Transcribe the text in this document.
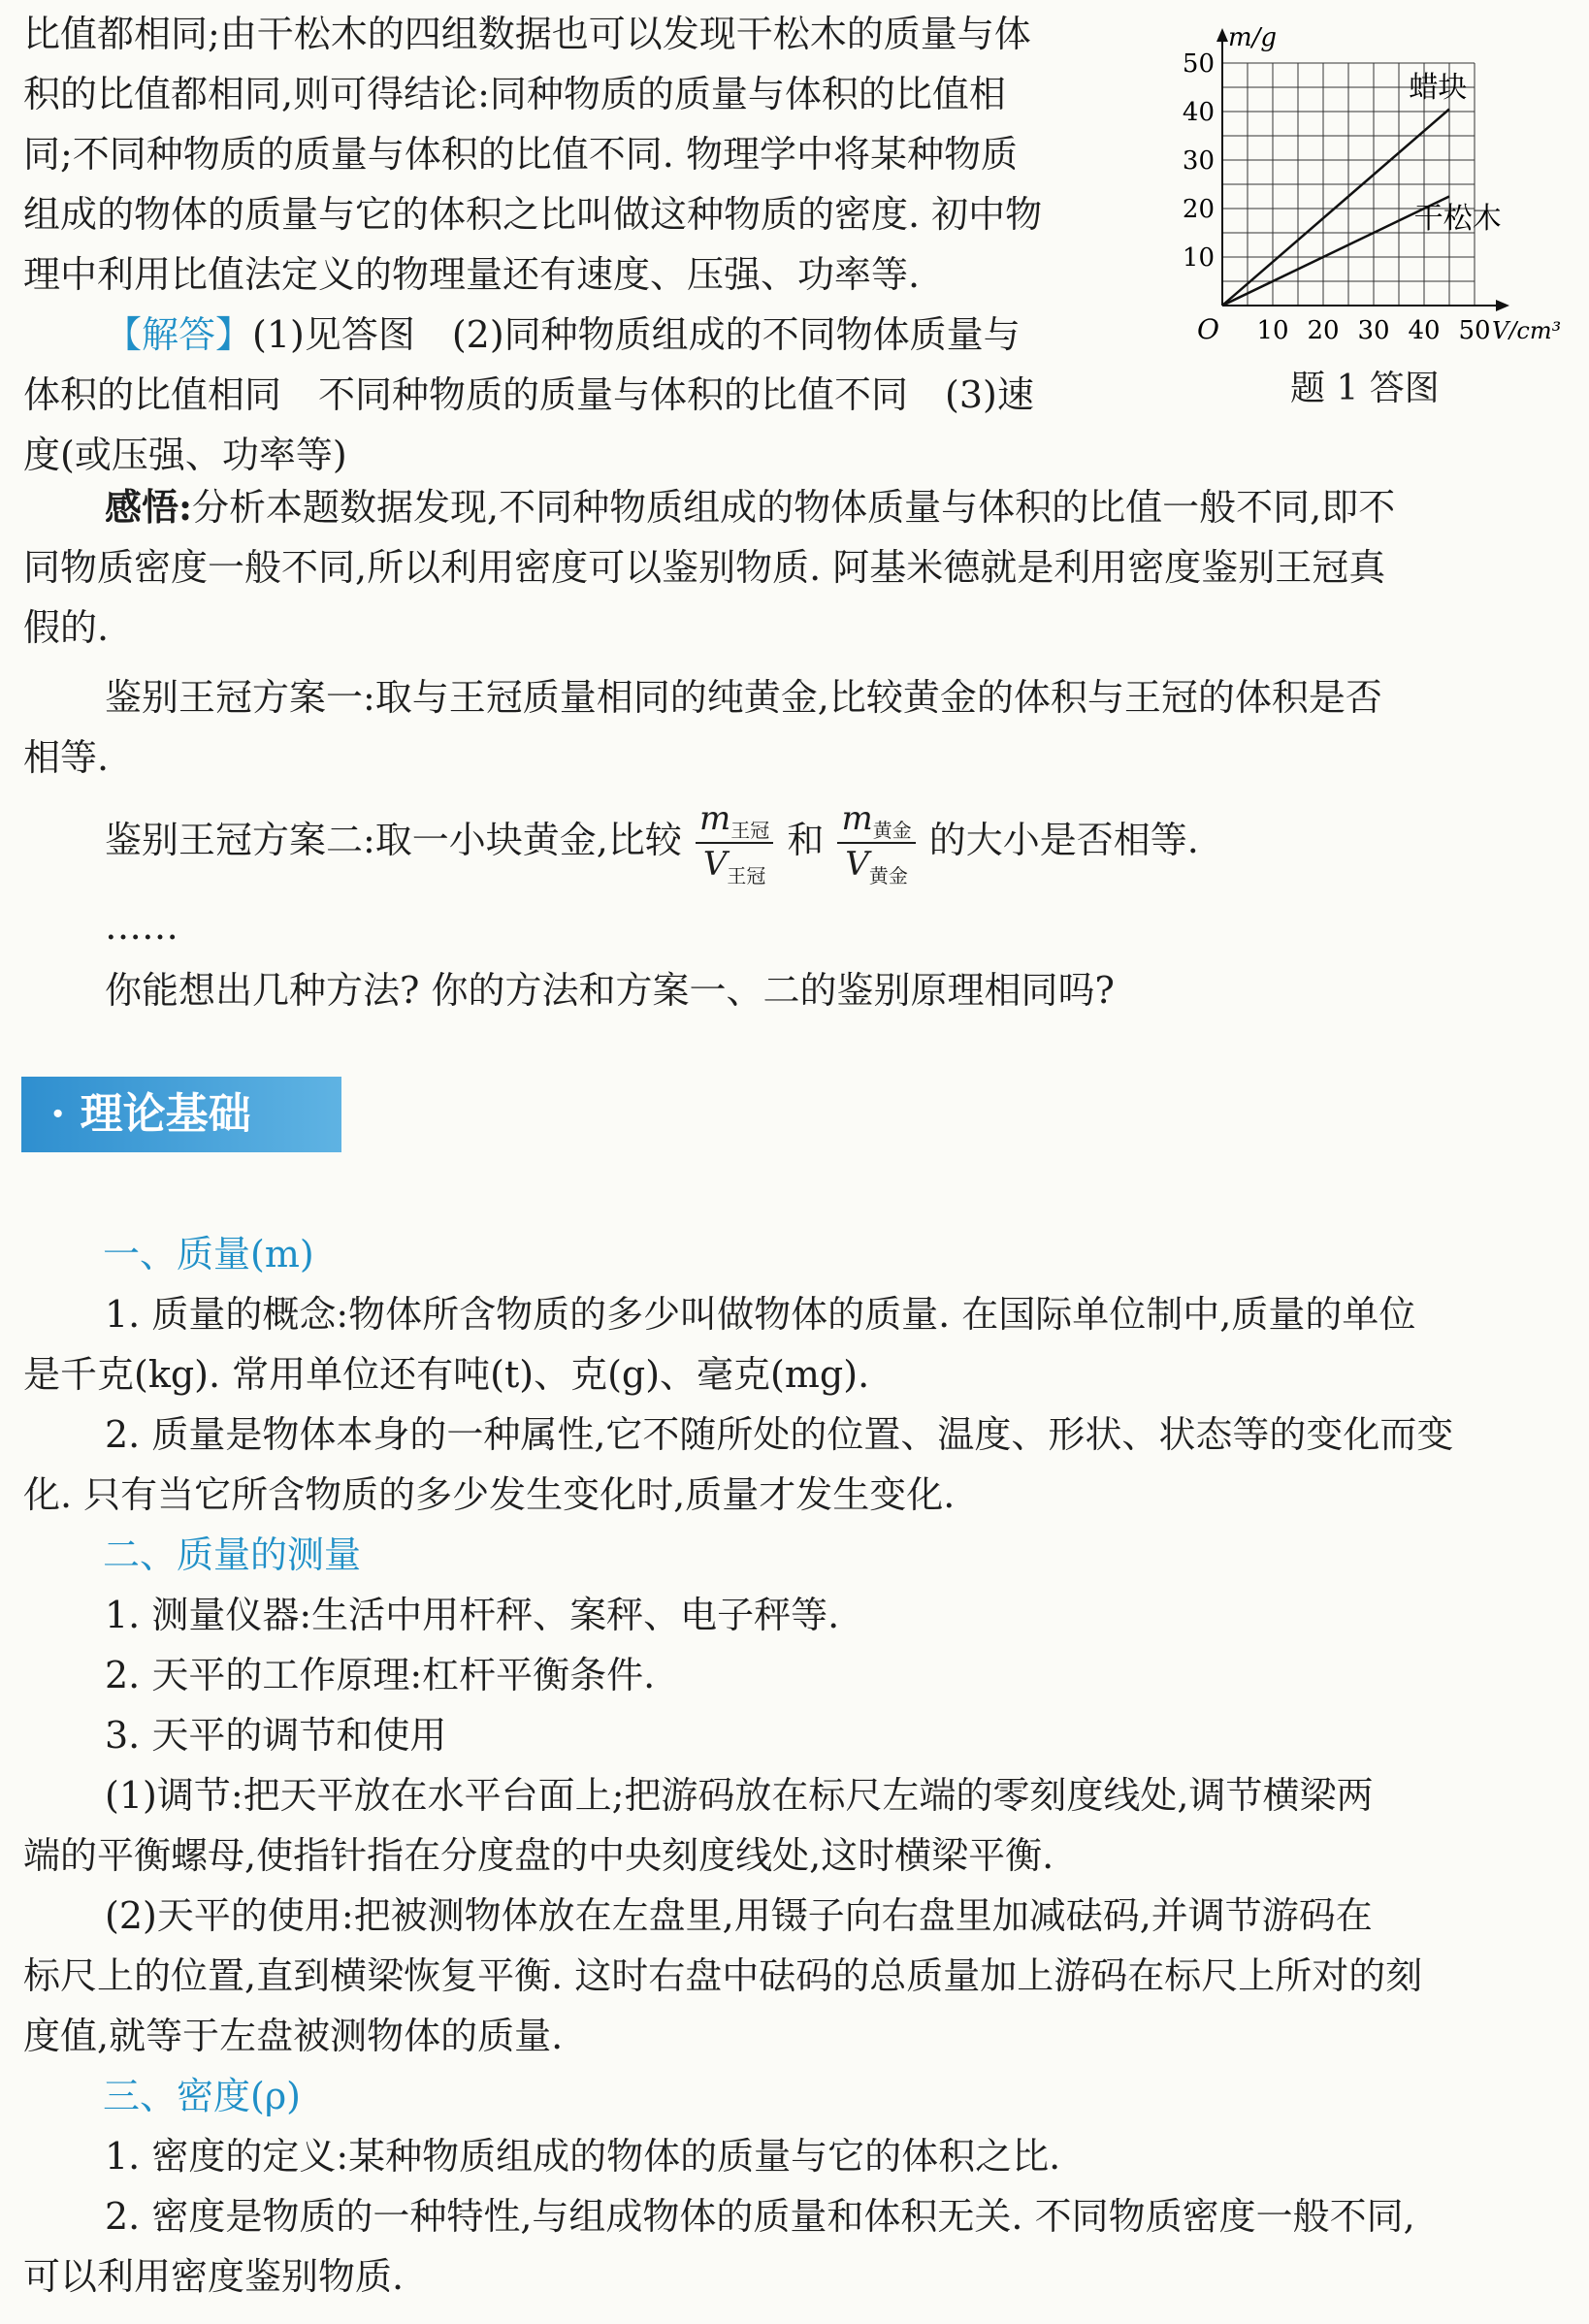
比值都相同;由干松木的四组数据也可以发现干松木的质量与体

积的比值都相同,则可得结论:同种物质的质量与体积的比值相

同;不同种物质的质量与体积的比值不同. 物理学中将某种物质

组成的物体的质量与它的体积之比叫做这种物质的密度. 初中物

理中利用比值法定义的物理量还有速度、压强、功率等.

【解答】(1)见答图　(2)同种物质组成的不同物体质量与

体积的比值相同　不同种物质的质量与体积的比值不同　(3)速

度(或压强、功率等)

10 20 30 40 50
10
20
30
40
50
O
m/g
V/cm³
蜡块
干松木
题 1 答图
感悟:分析本题数据发现,不同种物质组成的物体质量与体积的比值一般不同,即不
同物质密度一般不同,所以利用密度可以鉴别物质. 阿基米德就是利用密度鉴别王冠真
假的.
鉴别王冠方案一:取与王冠质量相同的纯黄金,比较黄金的体积与王冠的体积是否
相等.
鉴别王冠方案二:取一小块黄金,比较 $\frac{m_{王冠}}{V_{王冠}}$ 和 $\frac{m_{黄金}}{V_{黄金}}$ 的大小是否相等.
……
你能想出几种方法? 你的方法和方案一、二的鉴别原理相同吗?
· 理论基础
一、质量(m)
1. 质量的概念:物体所含物质的多少叫做物体的质量. 在国际单位制中,质量的单位
是千克(kg). 常用单位还有吨(t)、克(g)、毫克(mg).
2. 质量是物体本身的一种属性,它不随所处的位置、温度、形状、状态等的变化而变
化. 只有当它所含物质的多少发生变化时,质量才发生变化.
二、质量的测量
1. 测量仪器:生活中用杆秤、案秤、电子秤等.
2. 天平的工作原理:杠杆平衡条件.
3. 天平的调节和使用
(1)调节:把天平放在水平台面上;把游码放在标尺左端的零刻度线处,调节横梁两
端的平衡螺母,使指针指在分度盘的中央刻度线处,这时横梁平衡.
(2)天平的使用:把被测物体放在左盘里,用镊子向右盘里加减砝码,并调节游码在
标尺上的位置,直到横梁恢复平衡. 这时右盘中砝码的总质量加上游码在标尺上所对的刻
度值,就等于左盘被测物体的质量.
三、密度(ρ)
1. 密度的定义:某种物质组成的物体的质量与它的体积之比.
2. 密度是物质的一种特性,与组成物体的质量和体积无关. 不同物质密度一般不同,
可以利用密度鉴别物质.
